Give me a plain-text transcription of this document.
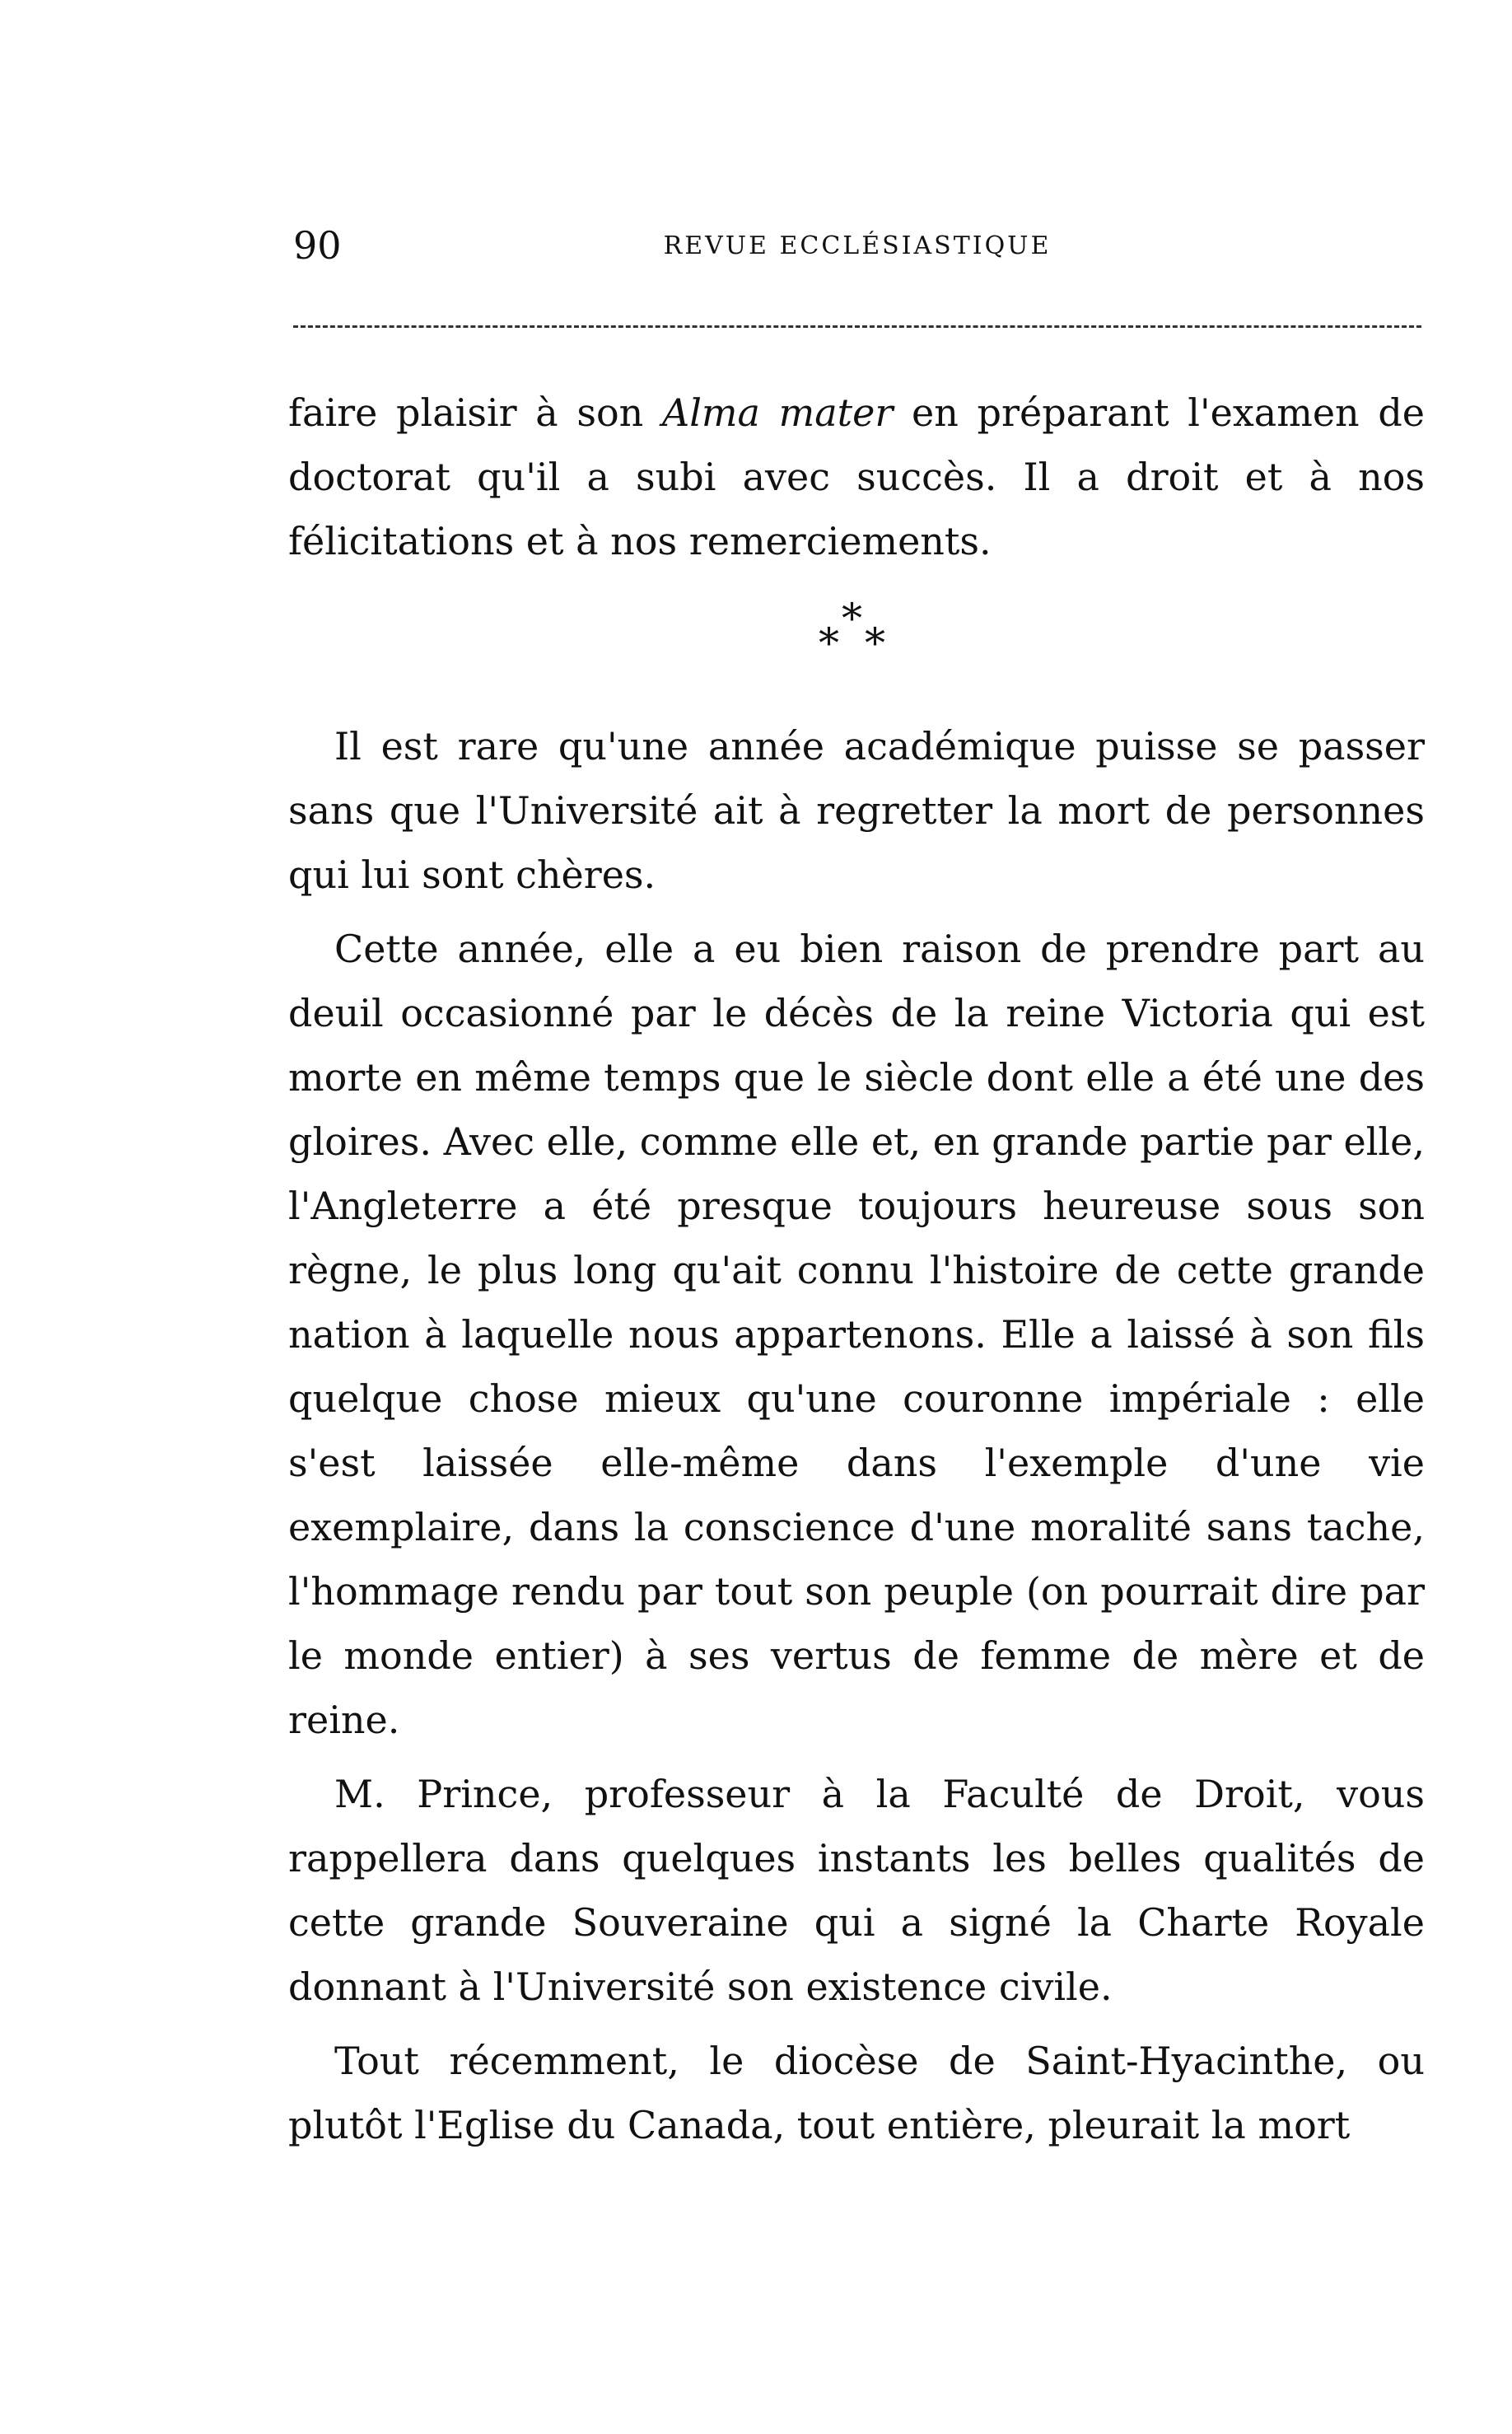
90	REVUE ECCLÉSIASTIQUE

faire plaisir à son Alma mater en préparant l'examen de doctorat qu'il a subi avec succès. Il a droit et à nos félicitations et à nos remerciements.

*
* *

Il est rare qu'une année académique puisse se passer sans que l'Université ait à regretter la mort de personnes qui lui sont chères.

Cette année, elle a eu bien raison de prendre part au deuil occasionné par le décès de la reine Victoria qui est morte en même temps que le siècle dont elle a été une des gloires. Avec elle, comme elle et, en grande partie par elle, l'Angleterre a été presque toujours heureuse sous son règne, le plus long qu'ait connu l'histoire de cette grande nation à laquelle nous appartenons. Elle a laissé à son fils quelque chose mieux qu'une couronne impériale : elle s'est laissée elle-même dans l'exemple d'une vie exemplaire, dans la conscience d'une moralité sans tache, l'hommage rendu par tout son peuple (on pourrait dire par le monde entier) à ses vertus de femme de mère et de reine.

M. Prince, professeur à la Faculté de Droit, vous rappellera dans quelques instants les belles qualités de cette grande Souveraine qui a signé la Charte Royale donnant à l'Université son existence civile.

Tout récemment, le diocèse de Saint-Hyacinthe, ou plutôt l'Eglise du Canada, tout entière, pleurait la mort
